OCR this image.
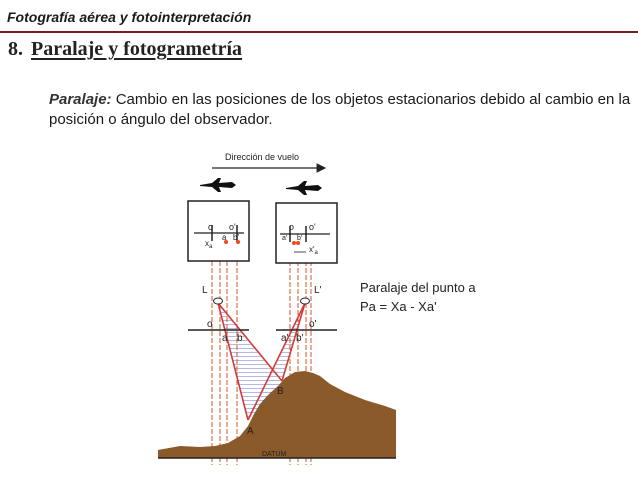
Fotografía aérea y fotointerpretación
8. Paralaje y fotogrametría
Paralaje: Cambio en las posiciones de los objetos estacionarios debido al cambio en la posición o ángulo del observador.
Dirección de vuelo
o o'
$x_a$
a b'
o o'
a' b'
$x'_a$
L	L'
o
a b	a' b'
o'
B
A
DATUM
Paralaje del punto a
Pa = Xa - Xa'
